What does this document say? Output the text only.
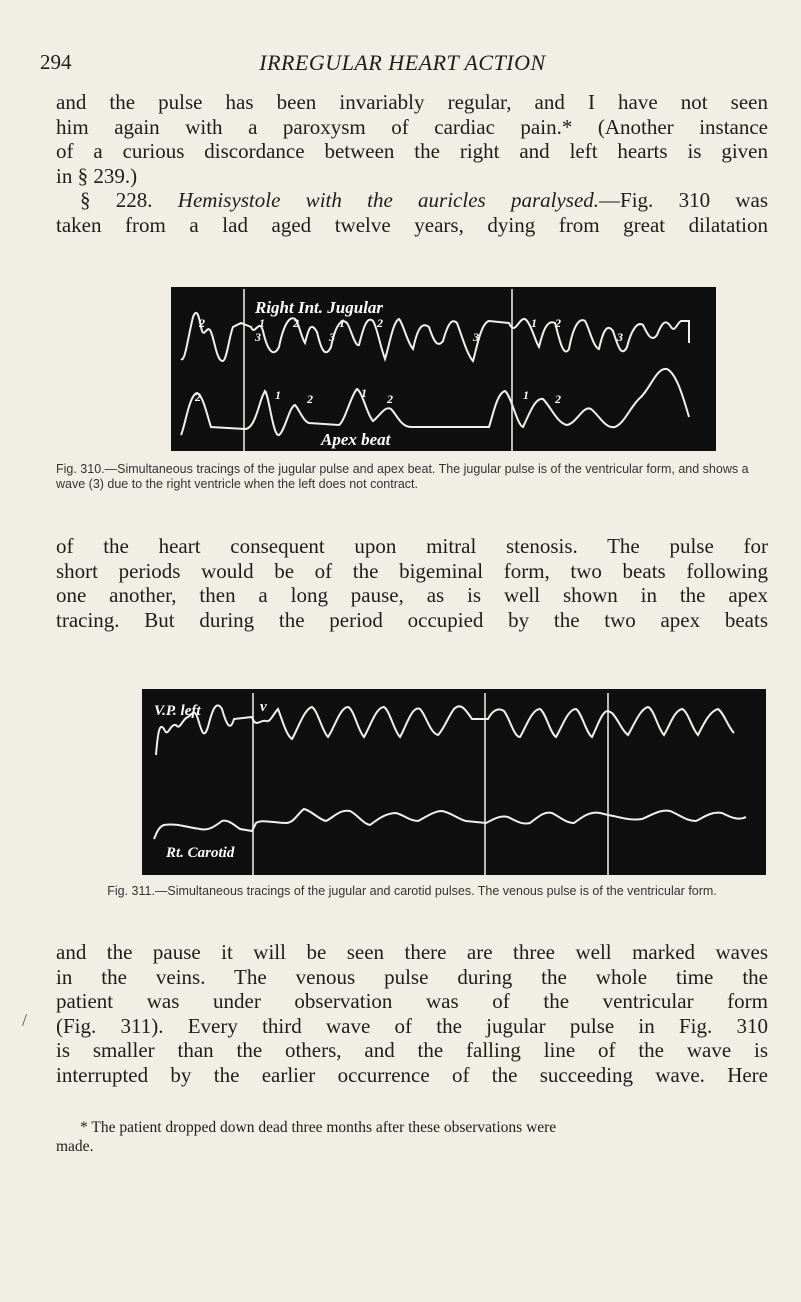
294	IRREGULAR HEART ACTION
and the pulse has been invariably regular, and I have not seen
him again with a paroxysm of cardiac pain.* (Another instance
of a curious discordance between the right and left hearts is given
in § 239.)
§ 228. Hemisystole with the auricles paralysed.—Fig. 310 was
taken from a lad aged twelve years, dying from great dilatation
Right Int. Jugular
Apex beat
2	1 2	1	2
3	3	3
1 2
3
2	1 2	1 2	1 2
Fig. 310.—Simultaneous tracings of the jugular pulse and apex beat. The jugular pulse is of the ventricular form, and shows a wave (3) due to the right ventricle when the left does not contract.
of the heart consequent upon mitral stenosis. The pulse for
short periods would be of the bigeminal form, two beats following
one another, then a long pause, as is well shown in the apex
tracing. But during the period occupied by the two apex beats
V.P. left	v
Rt. Carotid
Fig. 311.—Simultaneous tracings of the jugular and carotid pulses. The venous pulse is of the ventricular form.
and the pause it will be seen there are three well marked waves
in the veins. The venous pulse during the whole time the
patient was under observation was of the ventricular form
(Fig. 311). Every third wave of the jugular pulse in Fig. 310
is smaller than the others, and the falling line of the wave is
interrupted by the earlier occurrence of the succeeding wave. Here
/
* The patient dropped down dead three months after these observations were
made.
